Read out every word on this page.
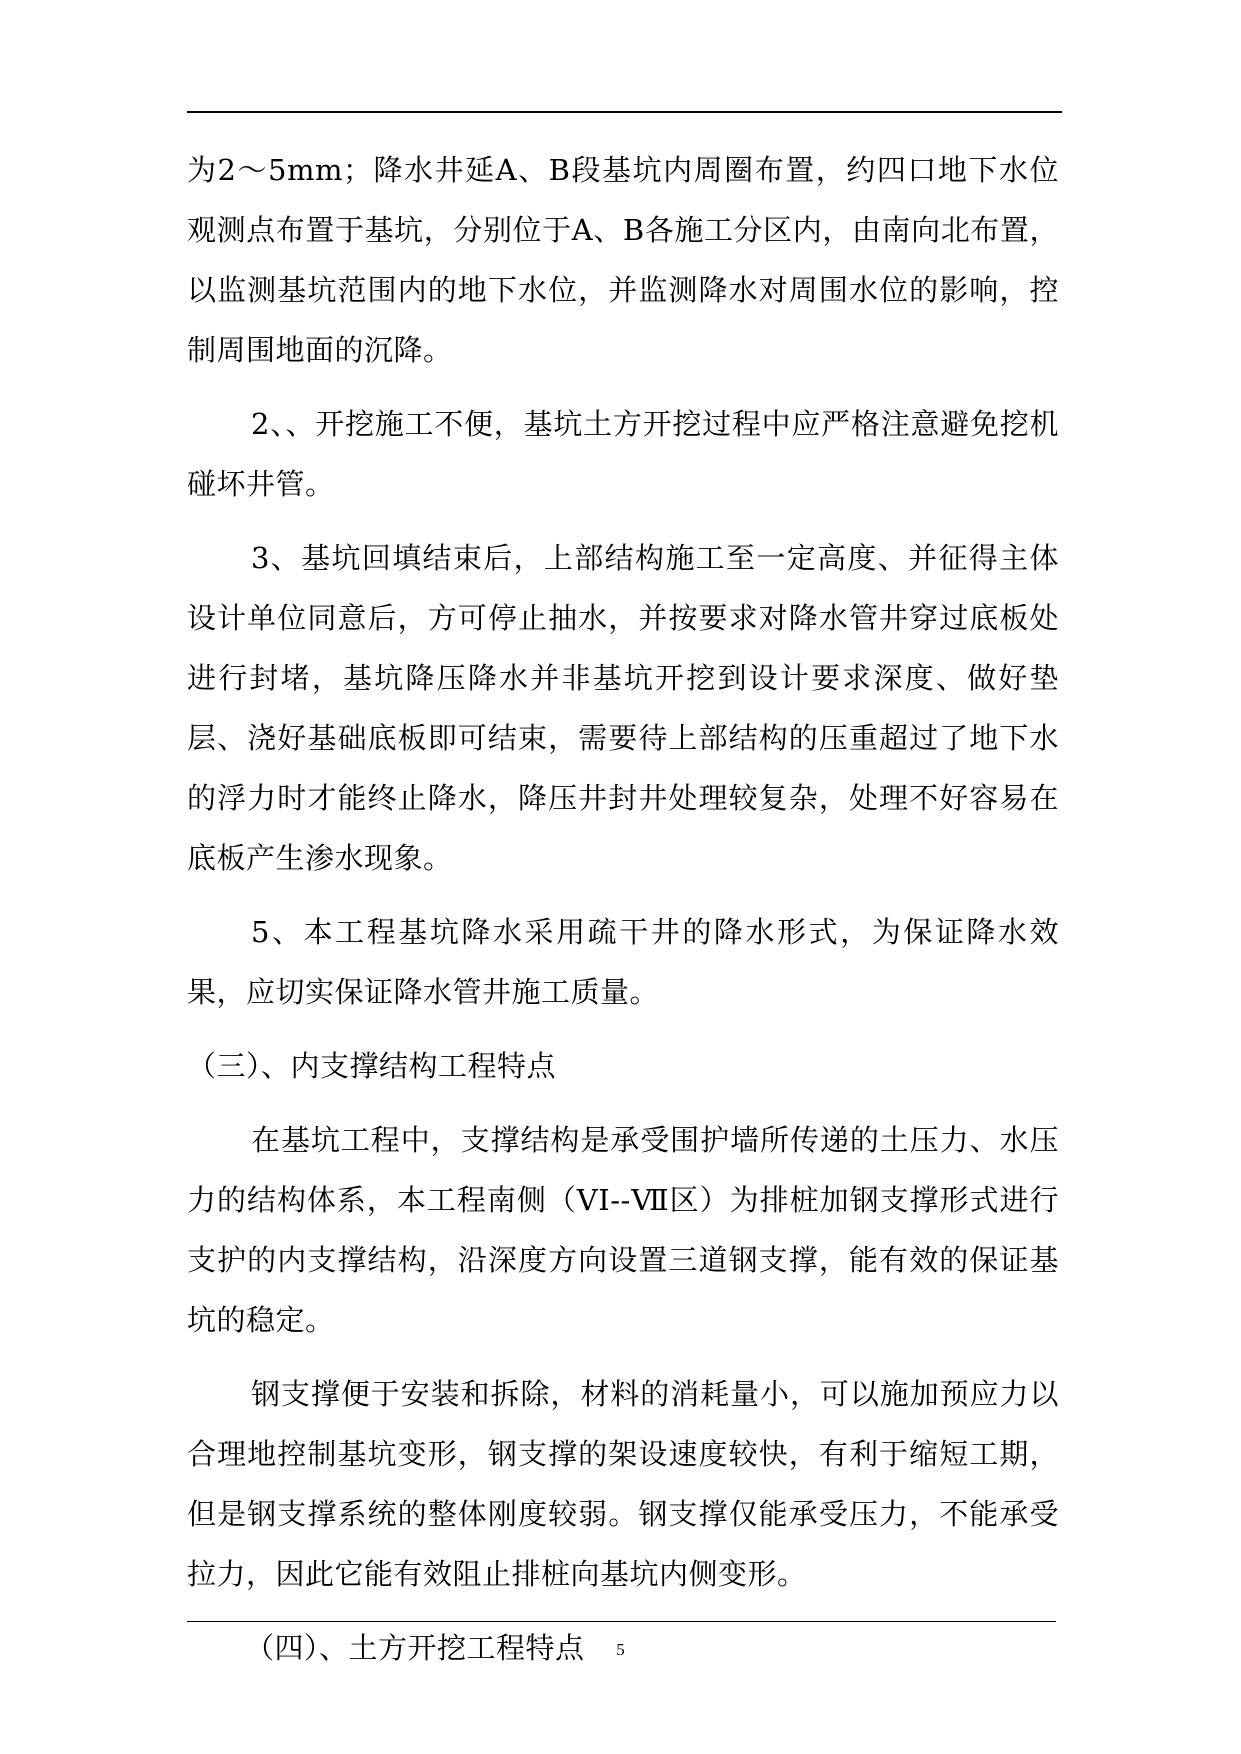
为2～5mm；降水井延A、B段基坑内周圈布置，约四口地下水位观测点布置于基坑，分别位于A、B各施工分区内，由南向北布置，以监测基坑范围内的地下水位，并监测降水对周围水位的影响，控制周围地面的沉降。

2、、开挖施工不便，基坑土方开挖过程中应严格注意避免挖机碰坏井管。

3、基坑回填结束后，上部结构施工至一定高度、并征得主体设计单位同意后，方可停止抽水，并按要求对降水管井穿过底板处进行封堵，基坑降压降水并非基坑开挖到设计要求深度、做好垫层、浇好基础底板即可结束，需要待上部结构的压重超过了地下水的浮力时才能终止降水，降压井封井处理较复杂，处理不好容易在底板产生渗水现象。

5、本工程基坑降水采用疏干井的降水形式，为保证降水效果，应切实保证降水管井施工质量。

（三）、内支撑结构工程特点

在基坑工程中，支撑结构是承受围护墙所传递的土压力、水压力的结构体系，本工程南侧（VI--Ⅶ区）为排桩加钢支撑形式进行支护的内支撑结构，沿深度方向设置三道钢支撑，能有效的保证基坑的稳定。

钢支撑便于安装和拆除，材料的消耗量小，可以施加预应力以合理地控制基坑变形，钢支撑的架设速度较快，有利于缩短工期，但是钢支撑系统的整体刚度较弱。钢支撑仅能承受压力，不能承受拉力，因此它能有效阻止排桩向基坑内侧变形。

（四）、土方开挖工程特点	5
